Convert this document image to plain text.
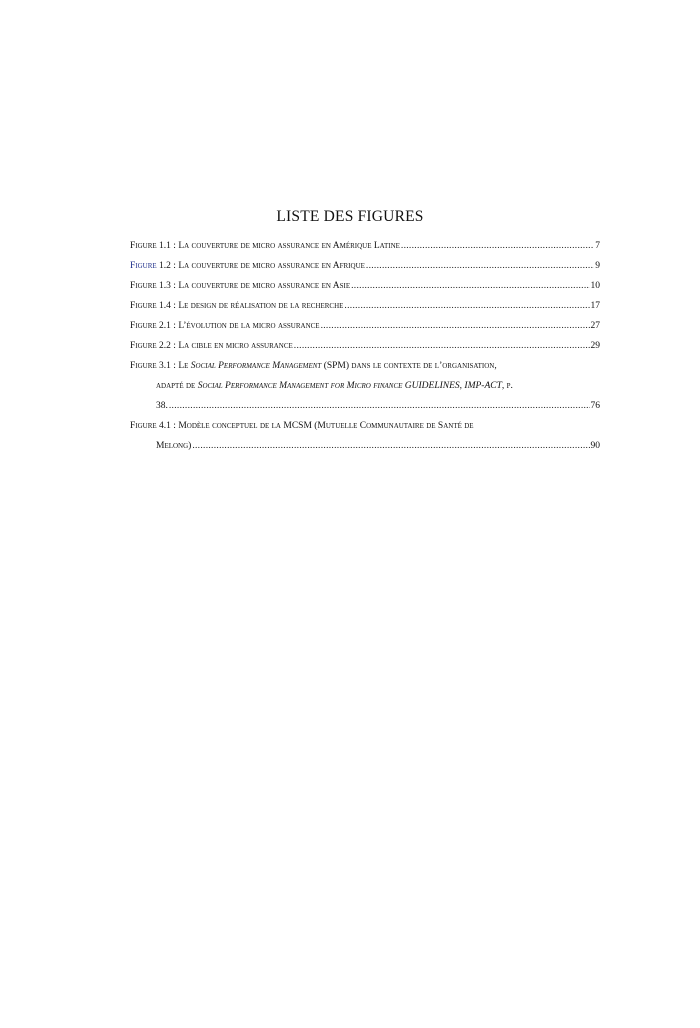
LISTE DES FIGURES
Figure
1.1 : La couverture de micro assurance en Amérique Latine .....	7
Figure
1.2 : La couverture de micro assurance en Afrique .....	9
Figure
1.3 : La couverture de micro assurance en Asie .....	10
Figure
1.4 : Le design de réalisation de la recherche .....	17
Figure
2.1 : L’évolution de la micro assurance .....	27
Figure
2.2 : La cible en micro assurance .....	29
Figure
3.1 : Le
Social Performance Management
(SPM)
dans le contexte de l’organisation,
adapté de
Social Performance Management for Micro finance
GUIDELINES, IMP-ACT , p.
38. .....	76
Figure
4.1 : Modèle conceptuel de la
MCSM
(Mutuelle Communautaire de Santé de
Melong) .....	90
